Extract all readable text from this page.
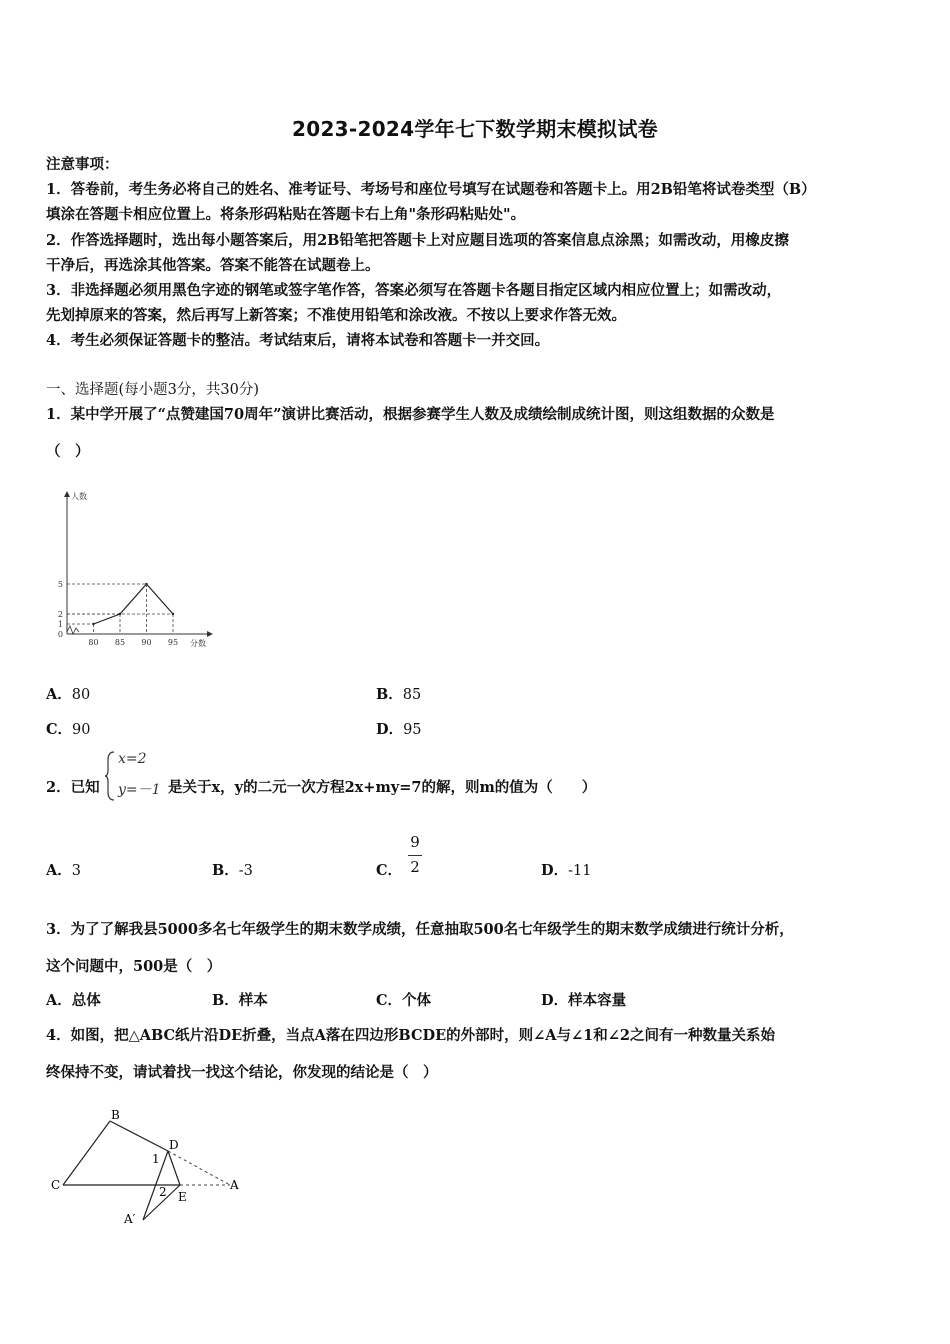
2023-2024学年七下数学期末模拟试卷
注意事项：
1．答卷前，考生务必将自己的姓名、准考证号、考场号和座位号填写在试题卷和答题卡上。用2B铅笔将试卷类型（B）
填涂在答题卡相应位置上。将条形码粘贴在答题卡右上角"条形码粘贴处"。
2．作答选择题时，选出每小题答案后，用2B铅笔把答题卡上对应题目选项的答案信息点涂黑；如需改动，用橡皮擦
干净后，再选涂其他答案。答案不能答在试题卷上。
3．非选择题必须用黑色字迹的钢笔或签字笔作答，答案必须写在答题卡各题目指定区域内相应位置上；如需改动，
先划掉原来的答案，然后再写上新答案；不准使用铅笔和涂改液。不按以上要求作答无效。
4．考生必须保证答题卡的整洁。考试结束后，请将本试卷和答题卡一并交回。
一、选择题(每小题3分，共30分)
1．某中学开展了“点赞建国70周年”演讲比赛活动，根据参赛学生人数及成绩绘制成统计图，则这组数据的众数是
（　）
80 85 90 95
1
2
5
0
人数
分数
A．80	B．85
C．90	D．95
2．已知
x=2
y=－1 是关于x，y的二元一次方程2x+my=7的解，则m的值为（　　）
A．3	B．-3	C．
9
2	D．-11
3．为了了解我县5000多名七年级学生的期末数学成绩，任意抽取500名七年级学生的期末数学成绩进行统计分析，
这个问题中，500是（　）
A．总体	B．样本	C．个体	D．样本容量
4．如图，把△ABC纸片沿DE折叠，当点A落在四边形BCDE的外部时，则∠A与∠1和∠2之间有一种数量关系始
终保持不变，请试着找一找这个结论，你发现的结论是（　）
B
C
D
A
E
A′
1
2
